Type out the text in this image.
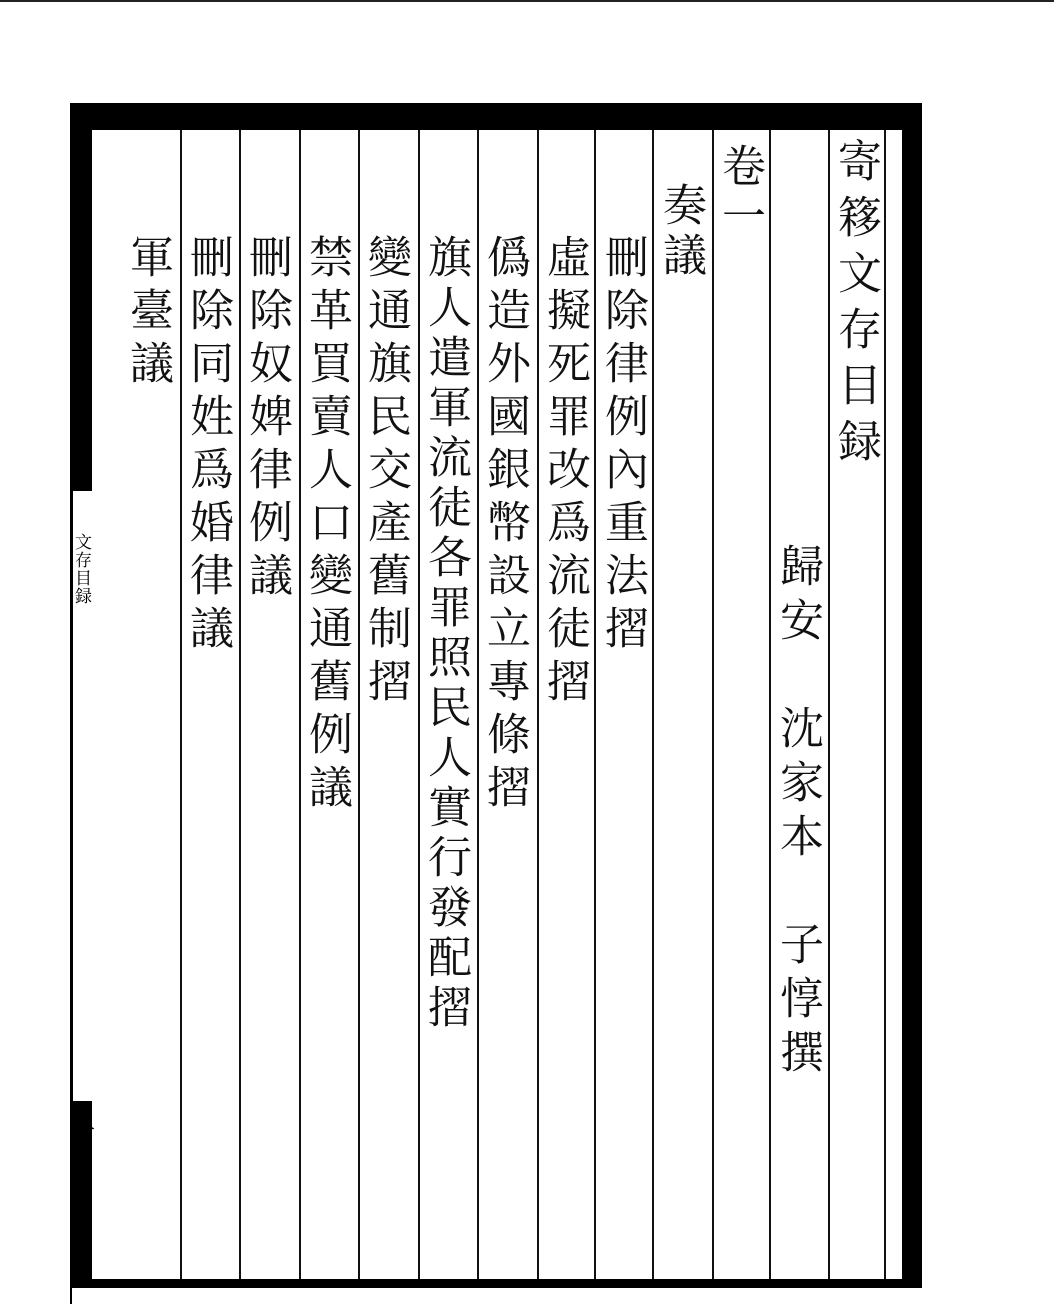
寄簃文存目録
歸安　沈家本　子惇撰
卷一
奏議
刪除律例內重法摺
虛擬死罪改爲流徒摺
僞造外國銀幣設立專條摺
旗人遣軍流徒各罪照民人實行發配摺
變通旗民交產舊制摺
禁革買賣人口變通舊例議
刪除奴婢律例議
刪除同姓爲婚律議
軍臺議
文存目録
一
